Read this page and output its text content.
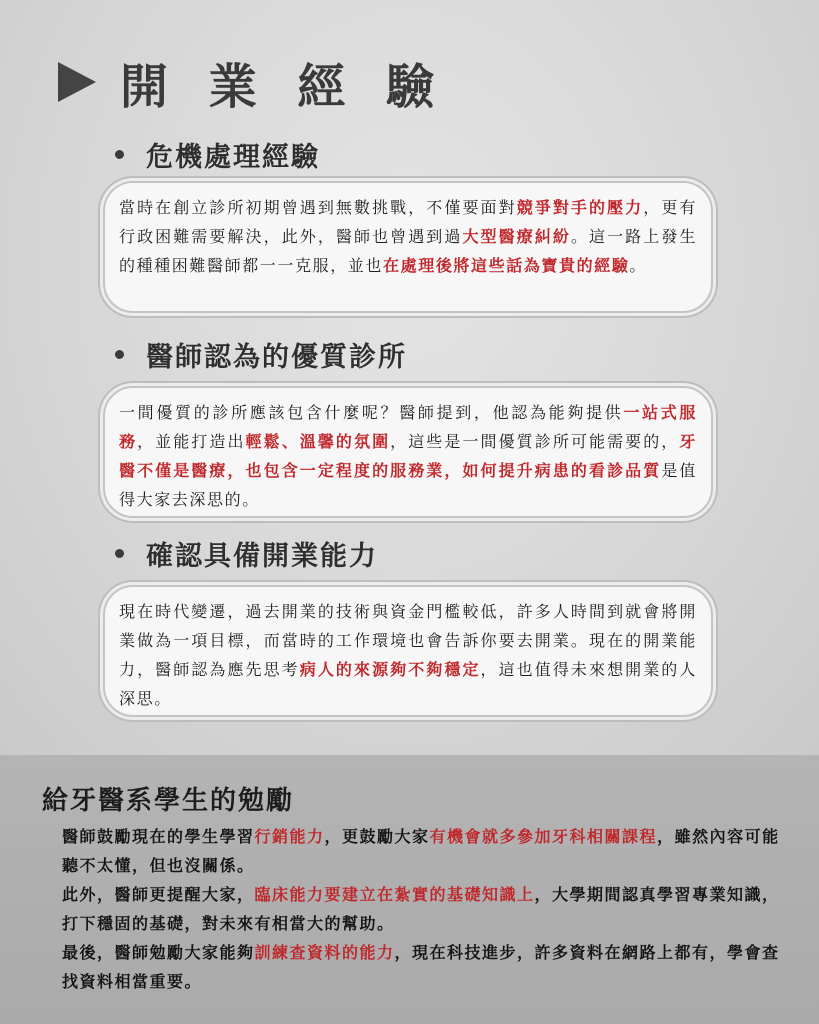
開 業 經 驗
危機處理經驗

當時在創立診所初期曾遇到無數挑戰，不僅要面對競爭對手的壓力，更有行政困難需要解決，此外，醫師也曾遇到過大型醫療糾紛。這一路上發生的種種困難醫師都一一克服，並也在處理後將這些話為寶貴的經驗。

醫師認為的優質診所

一間優質的診所應該包含什麼呢？醫師提到，他認為能夠提供一站式服務，並能打造出輕鬆、溫馨的氛圍，這些是一間優質診所可能需要的，牙醫不僅是醫療，也包含一定程度的服務業，如何提升病患的看診品質是值得大家去深思的。

確認具備開業能力

現在時代變遷，過去開業的技術與資金門檻較低，許多人時間到就會將開業做為一項目標，而當時的工作環境也會告訴你要去開業。現在的開業能力，醫師認為應先思考病人的來源夠不夠穩定，這也值得未來想開業的人深思。

給牙醫系學生的勉勵

醫師鼓勵現在的學生學習行銷能力，更鼓勵大家有機會就多參加牙科相關課程，雖然內容可能聽不太懂，但也沒關係。

此外，醫師更提醒大家，臨床能力要建立在紮實的基礎知識上，大學期間認真學習專業知識，打下穩固的基礎，對未來有相當大的幫助。

最後，醫師勉勵大家能夠訓練查資料的能力，現在科技進步，許多資料在網路上都有，學會查找資料相當重要。
